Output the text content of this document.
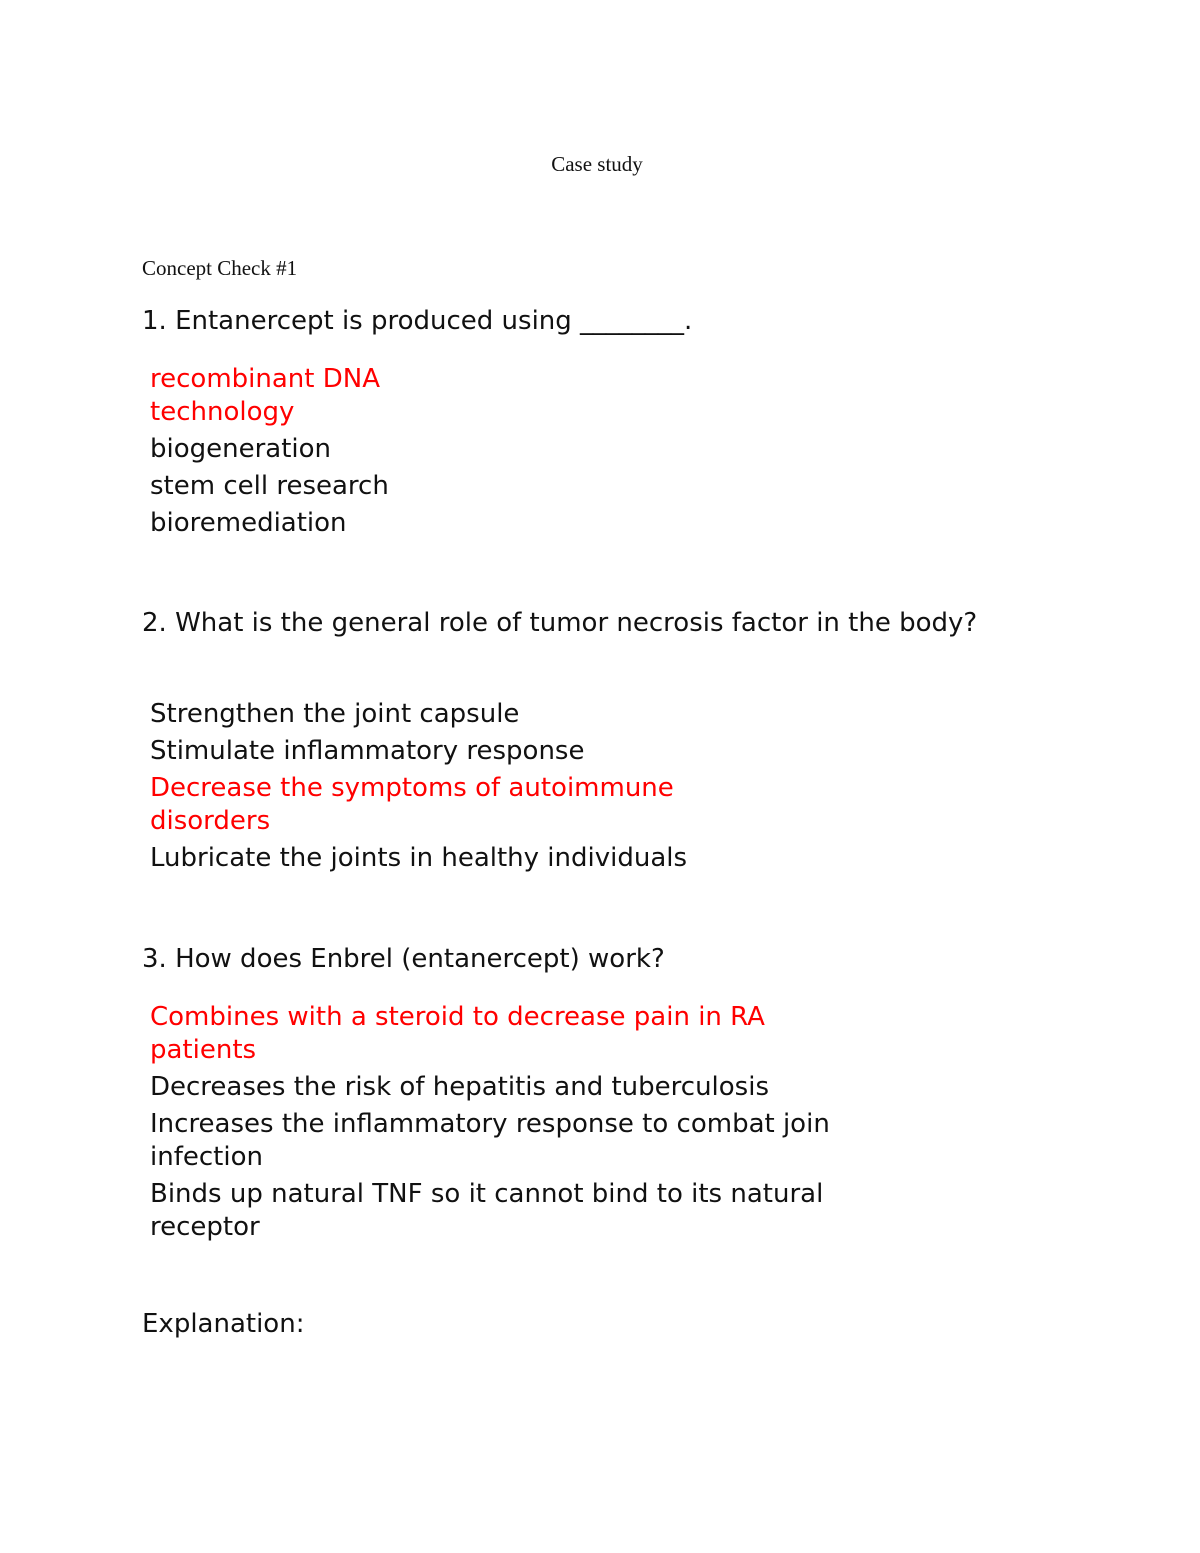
Case study
Concept Check #1
1. Entanercept is produced using ________.
recombinant DNA
technology
biogeneration
stem cell research
bioremediation
2. What is the general role of tumor necrosis factor in the body?
Strengthen the joint capsule
Stimulate inflammatory response
Decrease the symptoms of autoimmune
disorders
Lubricate the joints in healthy individuals
3. How does Enbrel (entanercept) work?
Combines with a steroid to decrease pain in RA
patients
Decreases the risk of hepatitis and tuberculosis
Increases the inflammatory response to combat join
infection
Binds up natural TNF so it cannot bind to its natural
receptor
Explanation:
